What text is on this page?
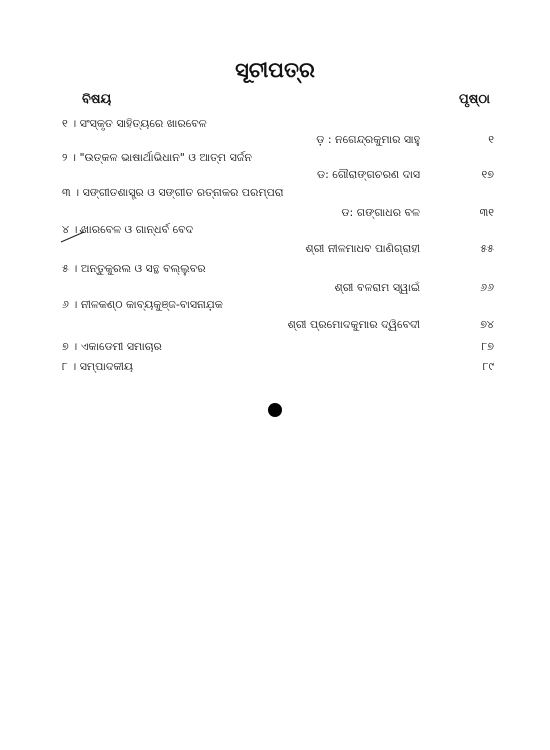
ସୂଚୀପତ୍ର
ବିଷୟ	ପୃଷ୍ଠା
୧ । ସଂସ୍କୃତ ସାହିତ୍ୟରେ ଖାରବେଳ
ଡ଼ : ନଗେନ୍ଦ୍ରକୁମାର ସାହୁ	୧
୨ । "ଉତ୍କଳ ଭାଷାର୍ଥାଭିଧାନ" ଓ ଆତ୍ମ ସର୍ଜନ
ଡ: ଗୌରାଙ୍ଗଚରଣ ଦାସ	୧୭
୩ । ସଙ୍ଗୀତଶାସ୍ତ୍ର ଓ ସଙ୍ଗୀତ ରତ୍ନାକର ପରମ୍ପରା
ଡ: ଗଙ୍ଗାଧର ବଳ	୩୧
୪ । ଖାରବେଳ ଓ ଗାନ୍ଧର୍ବ ବେଦ
ଶ୍ରୀ ନୀଳମାଧବ ପାଣିଗ୍ରାହୀ	୫୫
୫ । ଅନ୍ତୁକୁରଲ ଓ ସନ୍ଥ ବଲ୍ଲୁବର
ଶ୍ରୀ ବଳରାମ ସ୍ୱାଇଁ	୬୬
୬ । ନୀଳକଣ୍ଠ କାବ୍ୟକୁଞ୍ଜ-ବାସନାଯ଼କ
ଶ୍ରୀ ପ୍ରମୋଦକୁମାର ଦ୍ୱିବେଦୀ	୭୪
୭ । ଏକାଡେମୀ ସମାଚାର	୮୭
୮ । ସମ୍ପାଦକୀୟ	୮୯
